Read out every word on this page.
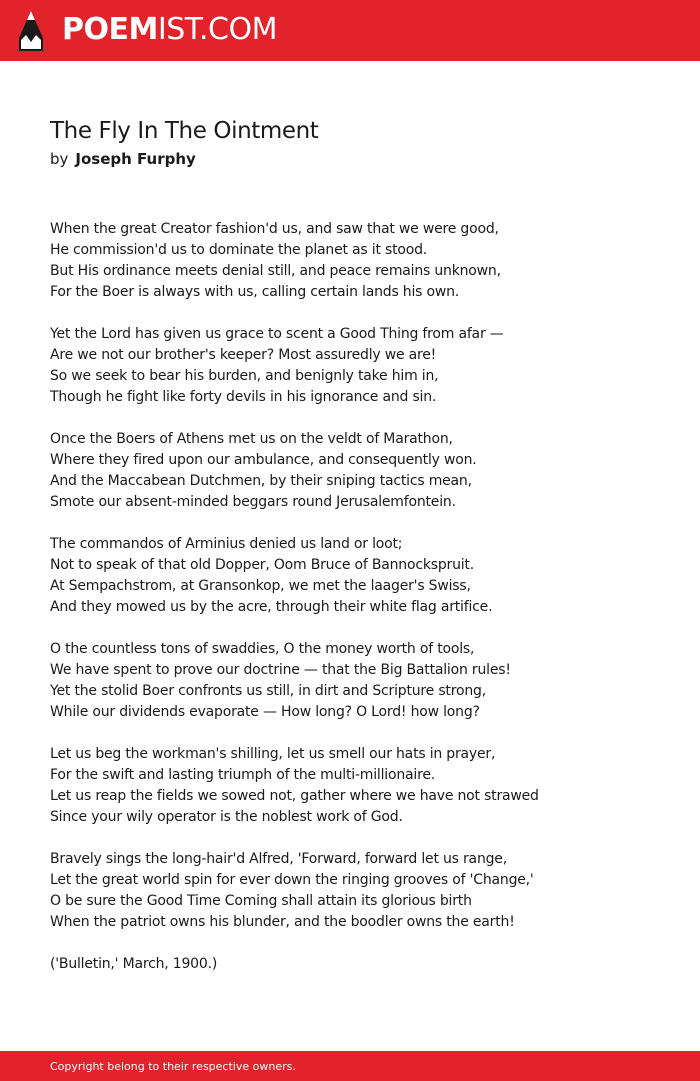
POEMIST.COM
The Fly In The Ointment
by Joseph Furphy
When the great Creator fashion'd us, and saw that we were good,
He commission'd us to dominate the planet as it stood.
But His ordinance meets denial still, and peace remains unknown,
For the Boer is always with us, calling certain lands his own.
Yet the Lord has given us grace to scent a Good Thing from afar —
Are we not our brother's keeper? Most assuredly we are!
So we seek to bear his burden, and benignly take him in,
Though he fight like forty devils in his ignorance and sin.
Once the Boers of Athens met us on the veldt of Marathon,
Where they fired upon our ambulance, and consequently won.
And the Maccabean Dutchmen, by their sniping tactics mean,
Smote our absent-minded beggars round Jerusalemfontein.
The commandos of Arminius denied us land or loot;
Not to speak of that old Dopper, Oom Bruce of Bannockspruit.
At Sempachstrom, at Gransonkop, we met the laager's Swiss,
And they mowed us by the acre, through their white flag artifice.
O the countless tons of swaddies, O the money worth of tools,
We have spent to prove our doctrine — that the Big Battalion rules!
Yet the stolid Boer confronts us still, in dirt and Scripture strong,
While our dividends evaporate — How long? O Lord! how long?
Let us beg the workman's shilling, let us smell our hats in prayer,
For the swift and lasting triumph of the multi-millionaire.
Let us reap the fields we sowed not, gather where we have not strawed
Since your wily operator is the noblest work of God.
Bravely sings the long-hair'd Alfred, 'Forward, forward let us range,
Let the great world spin for ever down the ringing grooves of 'Change,'
O be sure the Good Time Coming shall attain its glorious birth
When the patriot owns his blunder, and the boodler owns the earth!
('Bulletin,' March, 1900.)
Copyright belong to their respective owners.
